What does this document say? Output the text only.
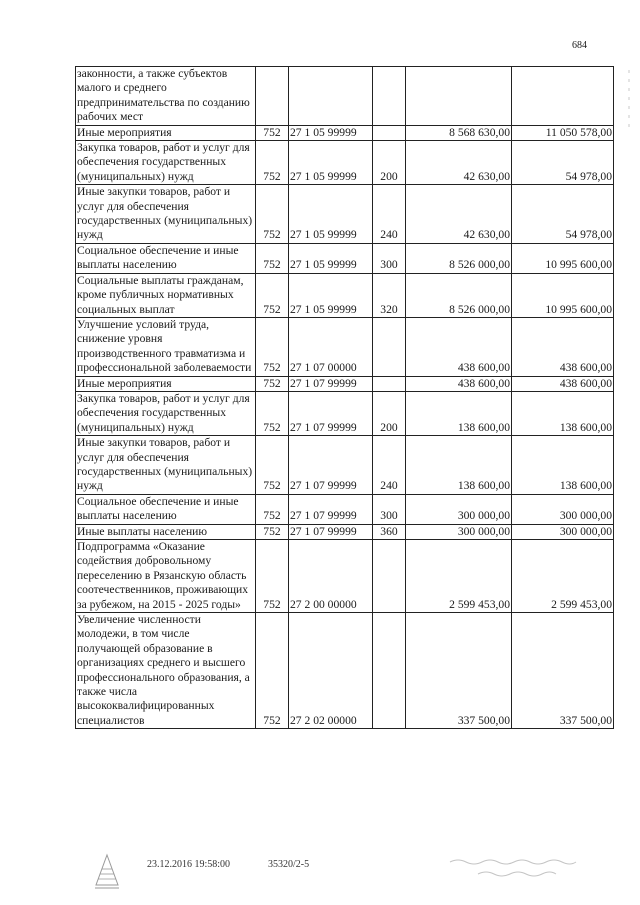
684
законности, а также субъектов малого и среднего предпринимательства по созданию рабочих мест					
Иные мероприятия	752	27 1 05 99999		8 568 630,00	11 050 578,00
Закупка товаров, работ и услуг для обеспечения государственных (муниципальных) нужд	752	27 1 05 99999	200	42 630,00	54 978,00
Иные закупки товаров, работ и услуг для обеспечения государственных (муниципальных) нужд	752	27 1 05 99999	240	42 630,00	54 978,00
Социальное обеспечение и иные выплаты населению	752	27 1 05 99999	300	8 526 000,00	10 995 600,00
Социальные выплаты гражданам, кроме публичных нормативных социальных выплат	752	27 1 05 99999	320	8 526 000,00	10 995 600,00
Улучшение условий труда, снижение уровня производственного травматизма и профессиональной заболеваемости	752	27 1 07 00000		438 600,00	438 600,00
Иные мероприятия	752	27 1 07 99999		438 600,00	438 600,00
Закупка товаров, работ и услуг для обеспечения государственных (муниципальных) нужд	752	27 1 07 99999	200	138 600,00	138 600,00
Иные закупки товаров, работ и услуг для обеспечения государственных (муниципальных) нужд	752	27 1 07 99999	240	138 600,00	138 600,00
Социальное обеспечение и иные выплаты населению	752	27 1 07 99999	300	300 000,00	300 000,00
Иные выплаты населению	752	27 1 07 99999	360	300 000,00	300 000,00
Подпрограмма «Оказание содействия добровольному переселению в Рязанскую область соотечественников, проживающих за рубежом, на 2015 - 2025 годы»	752	27 2 00 00000		2 599 453,00	2 599 453,00
Увеличение численности молодежи, в том числе получающей образование в организациях среднего и высшего профессионального образования, а также числа высококвалифицированных специалистов	752	27 2 02 00000		337 500,00	337 500,00
23.12.2016 19:58:00	35320/2-5
